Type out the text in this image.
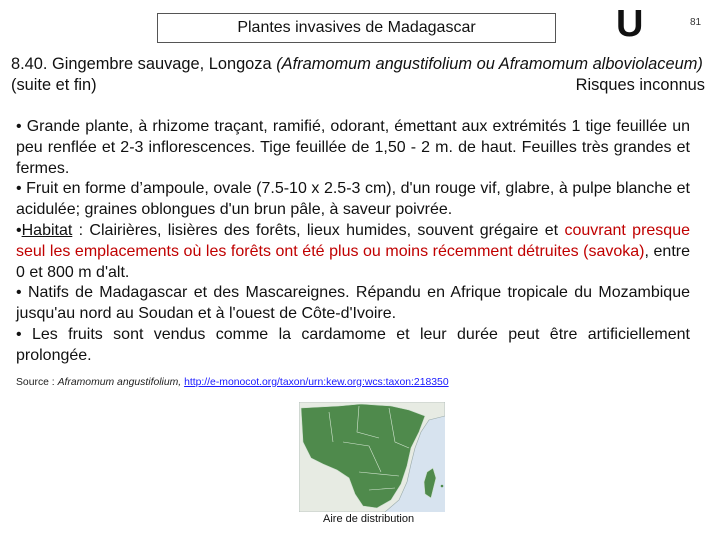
Plantes invasives de Madagascar	U	81
8.40. Gingembre sauvage, Longoza (Aframomum angustifolium ou Aframomum alboviolaceum) (suite et fin)	Risques inconnus

• Grande plante, à rhizome traçant, ramifié, odorant, émettant aux extrémités 1 tige feuillée un peu renflée et 2-3 inflorescences. Tige feuillée de 1,50 - 2 m. de haut. Feuilles très grandes et fermes.

• Fruit en forme d’ampoule, ovale (7.5-10 x 2.5-3 cm), d'un rouge vif, glabre, à pulpe blanche et acidulée; graines oblongues d'un brun pâle, à saveur poivrée.

•Habitat : Clairières, lisières des forêts, lieux humides, souvent grégaire et couvrant presque seul les emplacements où les forêts ont été plus ou moins récemment détruites (savoka), entre 0 et 800 m d'alt.

• Natifs de Madagascar et des Mascareignes. Répandu en Afrique tropicale du Mozambique jusqu'au nord au Soudan et à l'ouest de Côte-d'Ivoire.

• Les fruits sont vendus comme la cardamome et leur durée peut être artificiellement prolongée.

Source : Aframomum angustifolium, http://e-monocot.org/taxon/urn:kew.org:wcs:taxon:218350
Aire de distribution
